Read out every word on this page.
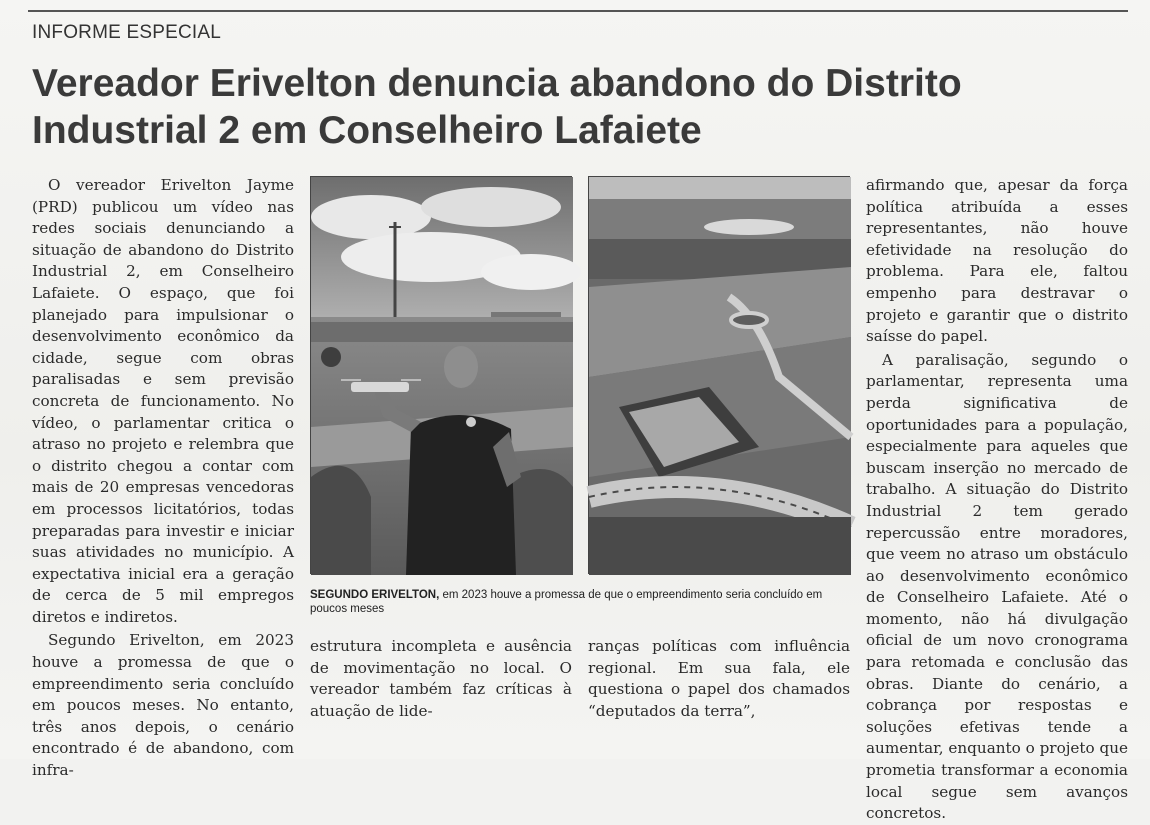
INFORME ESPECIAL
Vereador Erivelton denuncia abandono do Distrito Industrial 2 em Conselheiro Lafaiete

O vereador Erivelton Jayme (PRD) publicou um vídeo nas redes sociais denunciando a situação de abandono do Distrito Industrial 2, em Conselheiro Lafaiete. O espaço, que foi planejado para impulsionar o desenvolvimento econômico da cidade, segue com obras paralisadas e sem previsão concreta de funcionamento. No vídeo, o parlamentar critica o atraso no projeto e relembra que o distrito chegou a contar com mais de 20 empresas vencedoras em processos licitatórios, todas preparadas para investir e iniciar suas atividades no município. A expectativa inicial era a geração de cerca de 5 mil empregos diretos e indiretos.

Segundo Erivelton, em 2023 houve a promessa de que o empreendimento seria concluído em poucos meses. No entanto, três anos depois, o cenário encontrado é de abandono, com infra-

SEGUNDO ERIVELTON, em 2023 houve a promessa de que o empreendimento seria concluído em poucos meses

estrutura incompleta e ausência de movimentação no local. O vereador também faz críticas à atuação de lide-

ranças políticas com influência regional. Em sua fala, ele questiona o papel dos chamados “deputados da terra”,

afirmando que, apesar da força política atribuída a esses representantes, não houve efetividade na resolução do problema. Para ele, faltou empenho para destravar o projeto e garantir que o distrito saísse do papel.

A paralisação, segundo o parlamentar, representa uma perda significativa de oportunidades para a população, especialmente para aqueles que buscam inserção no mercado de trabalho. A situação do Distrito Industrial 2 tem gerado repercussão entre moradores, que veem no atraso um obstáculo ao desenvolvimento econômico de Conselheiro Lafaiete. Até o momento, não há divulgação oficial de um novo cronograma para retomada e conclusão das obras. Diante do cenário, a cobrança por respostas e soluções efetivas tende a aumentar, enquanto o projeto que prometia transformar a economia local segue sem avanços concretos.
